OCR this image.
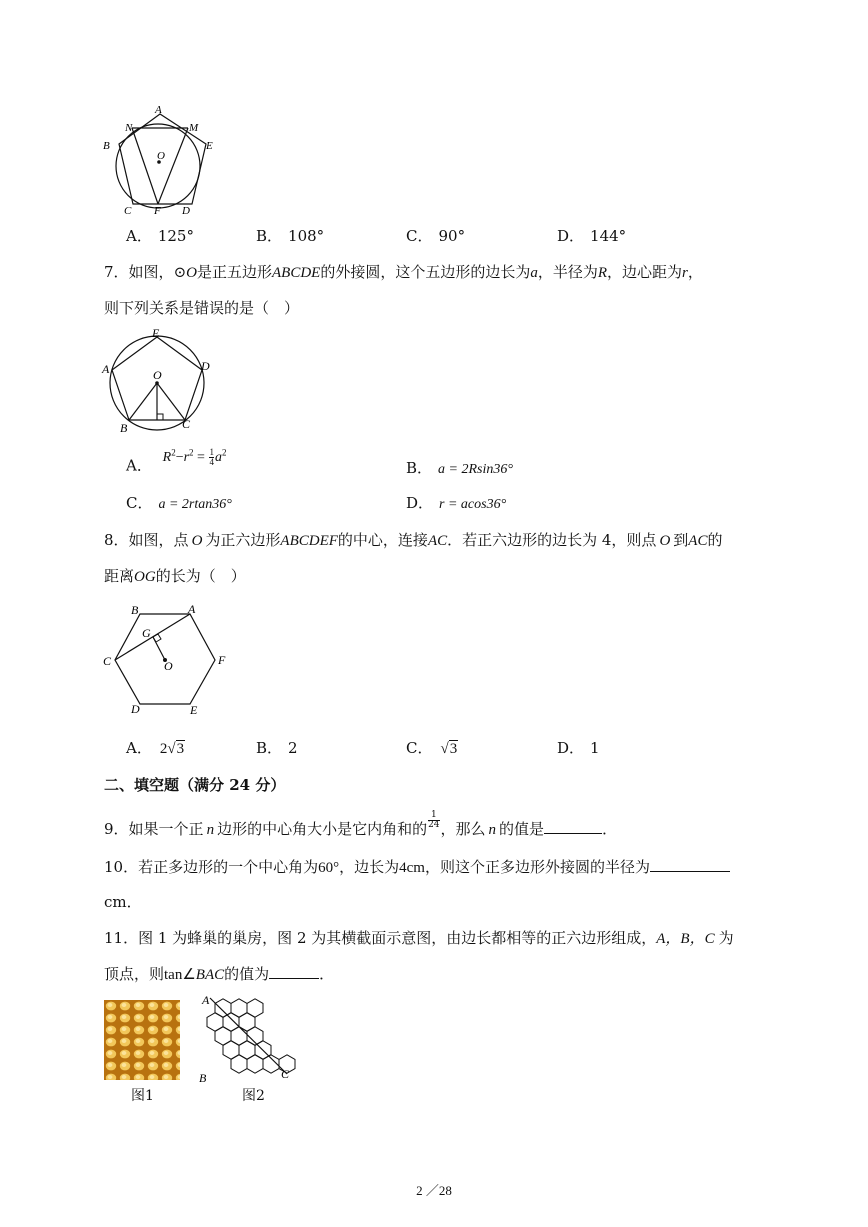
A
N	M
B	E
O
C F D
A． 125°	B． 108°	C． 90°	D． 144°
7．如图，⊙O是正五边形ABCDE的外接圆，这个五边形的边长为a，半径为R，边心距为r，
则下列关系是错误的是（　）
E
A	D
O
B	C
A． $R^2-r^2 = \frac{1}{4} a^2$
B． a = 2Rsin36°
C． a = 2rtan36°	D． r = acos36°
8．如图，点 O 为正六边形ABCDEF的中心，连接AC．若正六边形的边长为 4，则点 O 到AC的
距离OG的长为（　）
B	A
G
C	O	F
D	E
A． 2√3	B． 2	C． √3	D． 1
二、填空题（满分 24 分）
9．如果一个正 n 边形的中心角大小是它内角和的 $\frac{1}{24}$ ，那么 n 的值是	．
10．若正多边形的一个中心角为60°，边长为4cm，则这个正多边形外接圆的半径为
cm．
11．图 1 为蜂巢的巢房，图 2 为其横截面示意图，由边长都相等的正六边形组成，A，B，C 为
顶点，则tan∠BAC的值为	．
图1
A
B	C
图2
2 ／28
